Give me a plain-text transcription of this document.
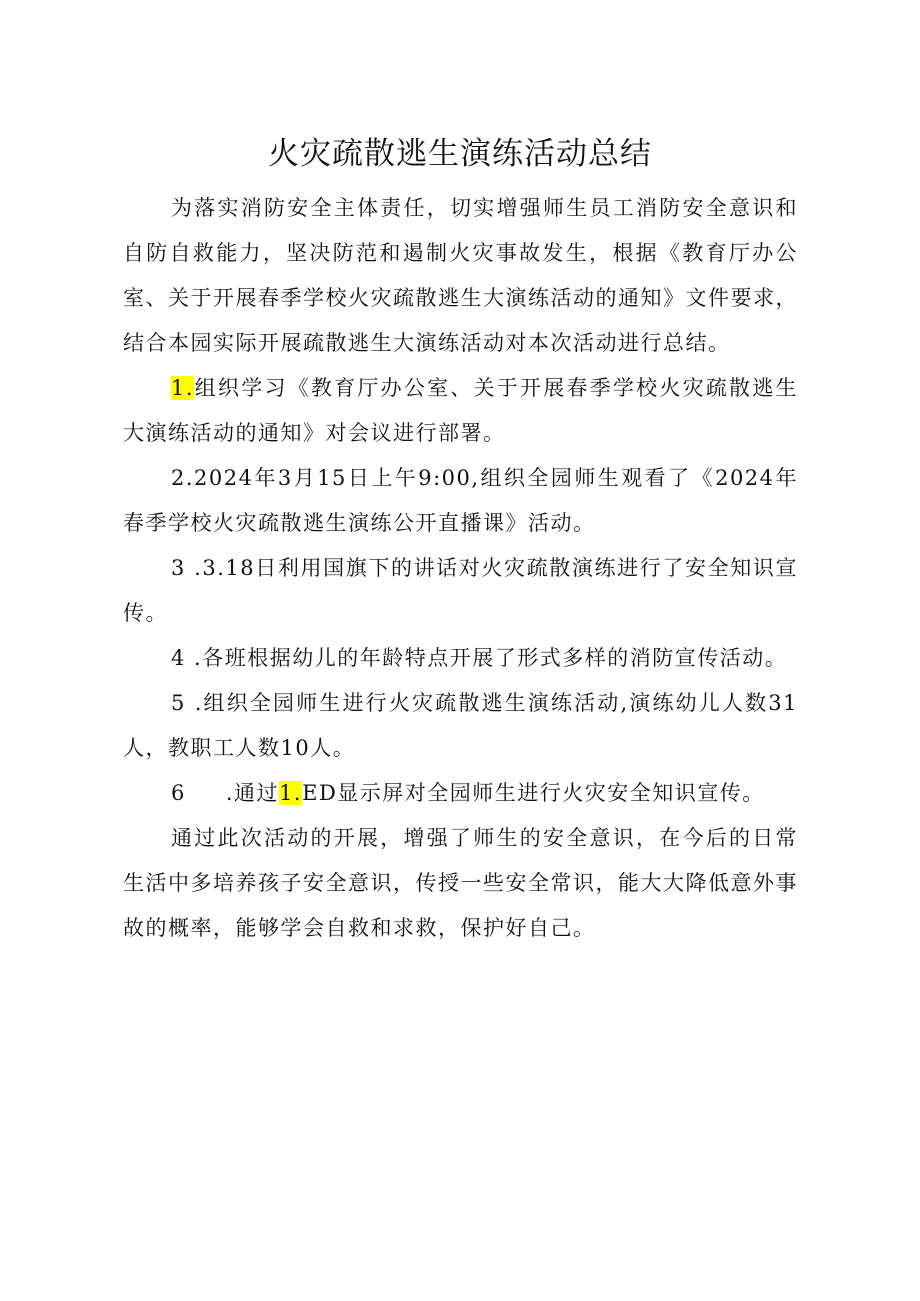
火灾疏散逃生演练活动总结

为落实消防安全主体责任，切实增强师生员工消防安全意识和自防自救能力，坚决防范和遏制火灾事故发生，根据《教育厅办公室、关于开展春季学校火灾疏散逃生大演练活动的通知》文件要求，结合本园实际开展疏散逃生大演练活动对本次活动进行总结。

1.组织学习《教育厅办公室、关于开展春季学校火灾疏散逃生大演练活动的通知》对会议进行部署。

2.2024年3月15日上午9:00,组织全园师生观看了《2024年春季学校火灾疏散逃生演练公开直播课》活动。

3 .3.18日利用国旗下的讲话对火灾疏散演练进行了安全知识宣传。

4 .各班根据幼儿的年龄特点开展了形式多样的消防宣传活动。

5 .组织全园师生进行火灾疏散逃生演练活动,演练幼儿人数31人，教职工人数10人。

6 .通过1.ED显示屏对全园师生进行火灾安全知识宣传。

通过此次活动的开展，增强了师生的安全意识，在今后的日常生活中多培养孩子安全意识，传授一些安全常识，能大大降低意外事故的概率，能够学会自救和求救，保护好自己。
